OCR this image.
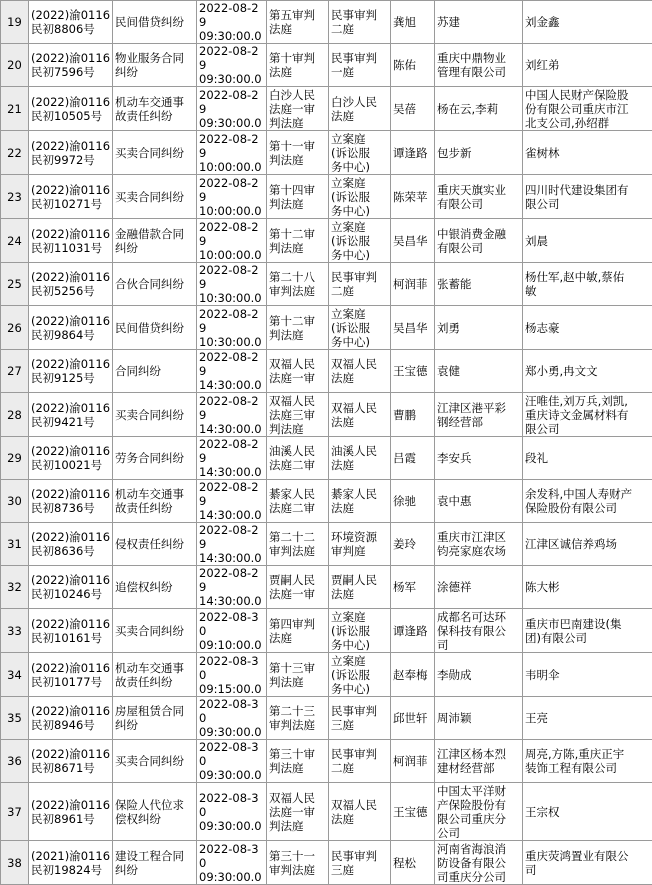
19	(2022)渝0116
民初8806号	民间借贷纠纷	2022-08-29
09:30:00.0	第五审判
法庭	民事审判
二庭	龚旭	苏建	刘金鑫
20	(2022)渝0116
民初7596号	物业服务合同
纠纷	2022-08-29
09:30:00.0	第十审判
法庭	民事审判
一庭	陈佑	重庆中鼎物业
管理有限公司	刘红弟
21	(2022)渝0116
民初10505号	机动车交通事
故责任纠纷	2022-08-29
09:30:00.0	白沙人民
法庭一审
判法庭	白沙人民
法庭	吴蓓	杨在云,李莉	中国人民财产保险股
份有限公司重庆市江
北支公司,孙绍群
22	(2022)渝0116
民初9972号	买卖合同纠纷	2022-08-29
10:00:00.0	第十一审
判法庭	立案庭
(诉讼服
务中心)	谭逢路	包步新	雀树林
23	(2022)渝0116
民初10271号	买卖合同纠纷	2022-08-29
10:00:00.0	第十四审
判法庭	立案庭
(诉讼服
务中心)	陈荣苹	重庆天旗实业
有限公司	四川时代建设集团有
限公司
24	(2022)渝0116
民初11031号	金融借款合同
纠纷	2022-08-29
10:00:00.0	第十二审
判法庭	立案庭
(诉讼服
务中心)	吴昌华	中银消费金融
有限公司	刘晨
25	(2022)渝0116
民初5256号	合伙合同纠纷	2022-08-29
10:30:00.0	第二十八
审判法庭	民事审判
二庭	柯润菲	张蓄能	杨仕军,赵中敏,蔡佑
敏
26	(2022)渝0116
民初9864号	民间借贷纠纷	2022-08-29
10:30:00.0	第十二审
判法庭	立案庭
(诉讼服
务中心)	吴昌华	刘勇	杨志豪
27	(2022)渝0116
民初9125号	合同纠纷	2022-08-29
14:30:00.0	双福人民
法庭一审	双福人民
法庭	王宝德	袁健	郑小勇,冉文文
28	(2022)渝0116
民初9421号	买卖合同纠纷	2022-08-29
14:30:00.0	双福人民
法庭三审
判法庭	双福人民
法庭	曹鹏	江津区港平彩
钢经营部	汪唯佳,刘万兵,刘凯,
重庆诗文金属材料有
限公司
29	(2022)渝0116
民初10021号	劳务合同纠纷	2022-08-29
14:30:00.0	油溪人民
法庭二审	油溪人民
法庭	吕霞	李安兵	段礼
30	(2022)渝0116
民初8736号	机动车交通事
故责任纠纷	2022-08-29
14:30:00.0	綦家人民
法庭二审	綦家人民
法庭	徐驰	袁中惠	余发科,中国人寿财产
保险股份有限公司
31	(2022)渝0116
民初8636号	侵权责任纠纷	2022-08-29
14:30:00.0	第二十二
审判法庭	环境资源
审判庭	姜玲	重庆市江津区
钧亮家庭农场	江津区诚信养鸡场
32	(2022)渝0116
民初10246号	追偿权纠纷	2022-08-29
14:30:00.0	贾嗣人民
法庭一审	贾嗣人民
法庭	杨军	涂德祥	陈大彬
33	(2022)渝0116
民初10161号	买卖合同纠纷	2022-08-30
09:10:00.0	第四审判
法庭	立案庭
(诉讼服
务中心)	谭逢路	成都名可达环
保科技有限公
司	重庆市巴南建设(集
团)有限公司
34	(2022)渝0116
民初10177号	机动车交通事
故责任纠纷	2022-08-30
09:15:00.0	第十三审
判法庭	立案庭
(诉讼服
务中心)	赵奉梅	李勋成	韦明伞
35	(2022)渝0116
民初8946号	房屋租赁合同
纠纷	2022-08-30
09:30:00.0	第二十三
审判法庭	民事审判
三庭	邱世轩	周沛颖	王亮
36	(2022)渝0116
民初8671号	买卖合同纠纷	2022-08-30
09:30:00.0	第三十审
判法庭	民事审判
二庭	柯润菲	江津区杨本烈
建材经营部	周亮,方陈,重庆正宇
装饰工程有限公司
37	(2022)渝0116
民初8961号	保险人代位求
偿权纠纷	2022-08-30
09:30:00.0	双福人民
法庭一审
判法庭	双福人民
法庭	王宝德	中国太平洋财
产保险股份有
限公司重庆分
公司	王宗权
38	(2021)渝0116
民初19824号	建设工程合同
纠纷	2022-08-30
09:30:00.0	第三十一
审判法庭	民事审判
三庭	程松	河南省海浪消
防设备有限公
司重庆分公司	重庆荧鸿置业有限公
司
